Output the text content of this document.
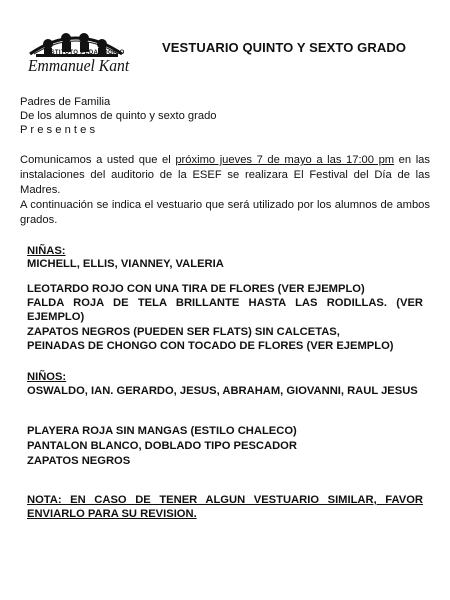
INSTITUTO PEDAGOGICO
Emmanuel Kant
VESTUARIO QUINTO Y SEXTO GRADO
Padres de Familia
De los alumnos de quinto y sexto grado
P r e s e n t e s
Comunicamos a usted que el próximo jueves 7 de mayo a las 17:00 pm en las instalaciones del auditorio de la ESEF se realizara El Festival del Día de las Madres.
A continuación se indica el vestuario que será utilizado por los alumnos de ambos grados.
NIÑAS:
MICHELL, ELLIS, VIANNEY, VALERIA
LEOTARDO ROJO CON UNA TIRA DE FLORES (VER EJEMPLO)
FALDA ROJA DE TELA BRILLANTE HASTA LAS RODILLAS. (VER EJEMPLO)
ZAPATOS NEGROS (PUEDEN SER FLATS) SIN CALCETAS,
PEINADAS DE CHONGO CON TOCADO DE FLORES (VER EJEMPLO)
NIÑOS:
OSWALDO, IAN. GERARDO, JESUS, ABRAHAM, GIOVANNI, RAUL JESUS
PLAYERA ROJA SIN MANGAS (ESTILO CHALECO)
PANTALON BLANCO, DOBLADO TIPO PESCADOR
ZAPATOS NEGROS
NOTA: EN CASO DE TENER ALGUN VESTUARIO SIMILAR, FAVOR ENVIARLO PARA SU REVISION.
